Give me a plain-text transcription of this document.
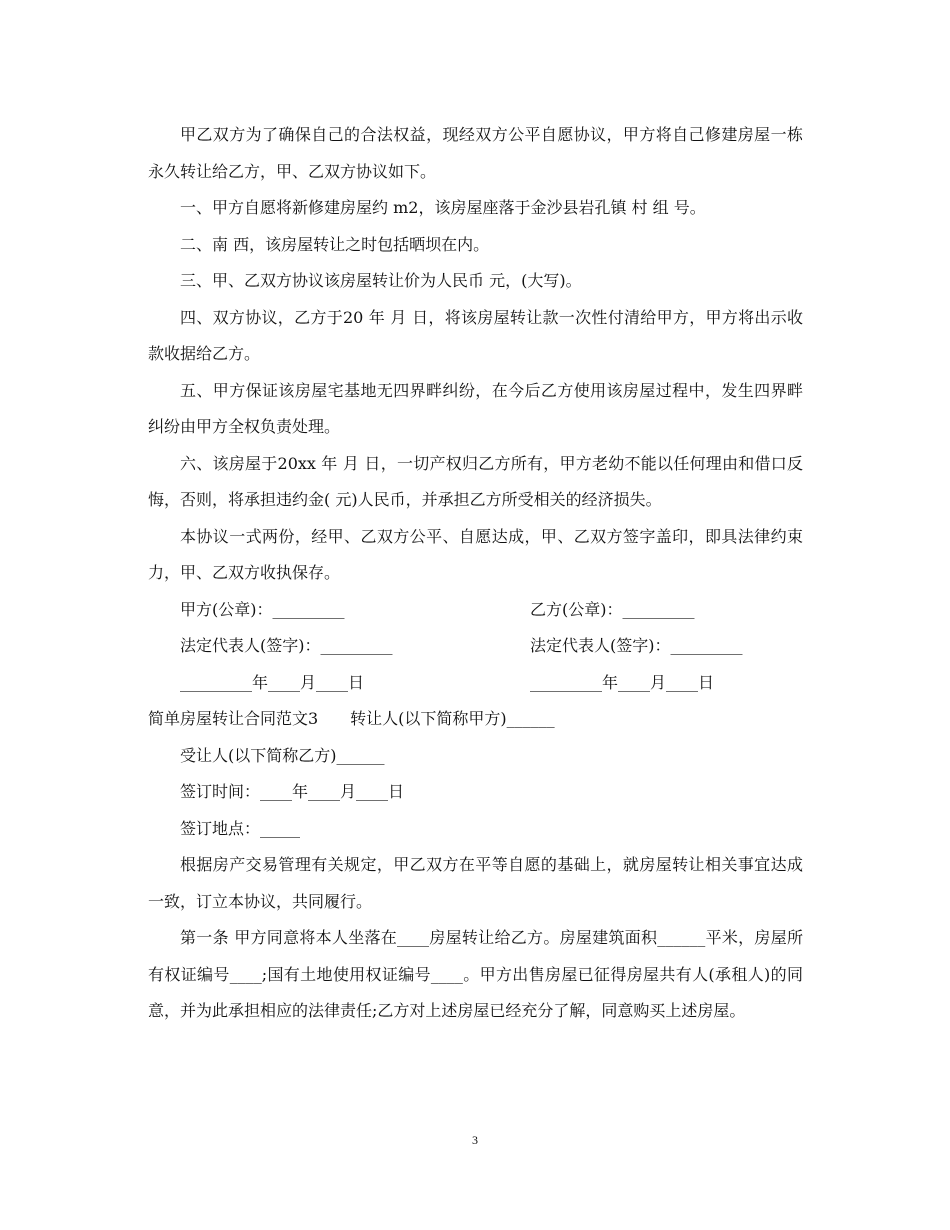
甲乙双方为了确保自己的合法权益，现经双方公平自愿协议，甲方将自己修建房屋一栋永久转让给乙方，甲、乙双方协议如下。

一、甲方自愿将新修建房屋约 m2，该房屋座落于金沙县岩孔镇 村 组 号。

二、南 西，该房屋转让之时包括晒坝在内。

三、甲、乙双方协议该房屋转让价为人民币 元，(大写)。

四、双方协议，乙方于20 年 月 日，将该房屋转让款一次性付清给甲方，甲方将出示收款收据给乙方。

五、甲方保证该房屋宅基地无四界畔纠纷，在今后乙方使用该房屋过程中，发生四界畔纠纷由甲方全权负责处理。

六、该房屋于20xx 年 月 日，一切产权归乙方所有，甲方老幼不能以任何理由和借口反悔，否则，将承担违约金( 元)人民币，并承担乙方所受相关的经济损失。

本协议一式两份，经甲、乙双方公平、自愿达成，甲、乙双方签字盖印，即具法律约束力，甲、乙双方收执保存。

甲方(公章)：_________	乙方(公章)：_________
法定代表人(签字)：_________	法定代表人(签字)：_________
_________年____月____日	_________年____月____日

简单房屋转让合同范文3　　转让人(以下简称甲方)______

受让人(以下简称乙方)______
签订时间：____年____月____日
签订地点：_____

根据房产交易管理有关规定，甲乙双方在平等自愿的基础上，就房屋转让相关事宜达成一致，订立本协议，共同履行。

第一条 甲方同意将本人坐落在____房屋转让给乙方。房屋建筑面积______平米，房屋所有权证编号____;国有土地使用权证编号____。甲方出售房屋已征得房屋共有人(承租人)的同意，并为此承担相应的法律责任;乙方对上述房屋已经充分了解，同意购买上述房屋。

3
